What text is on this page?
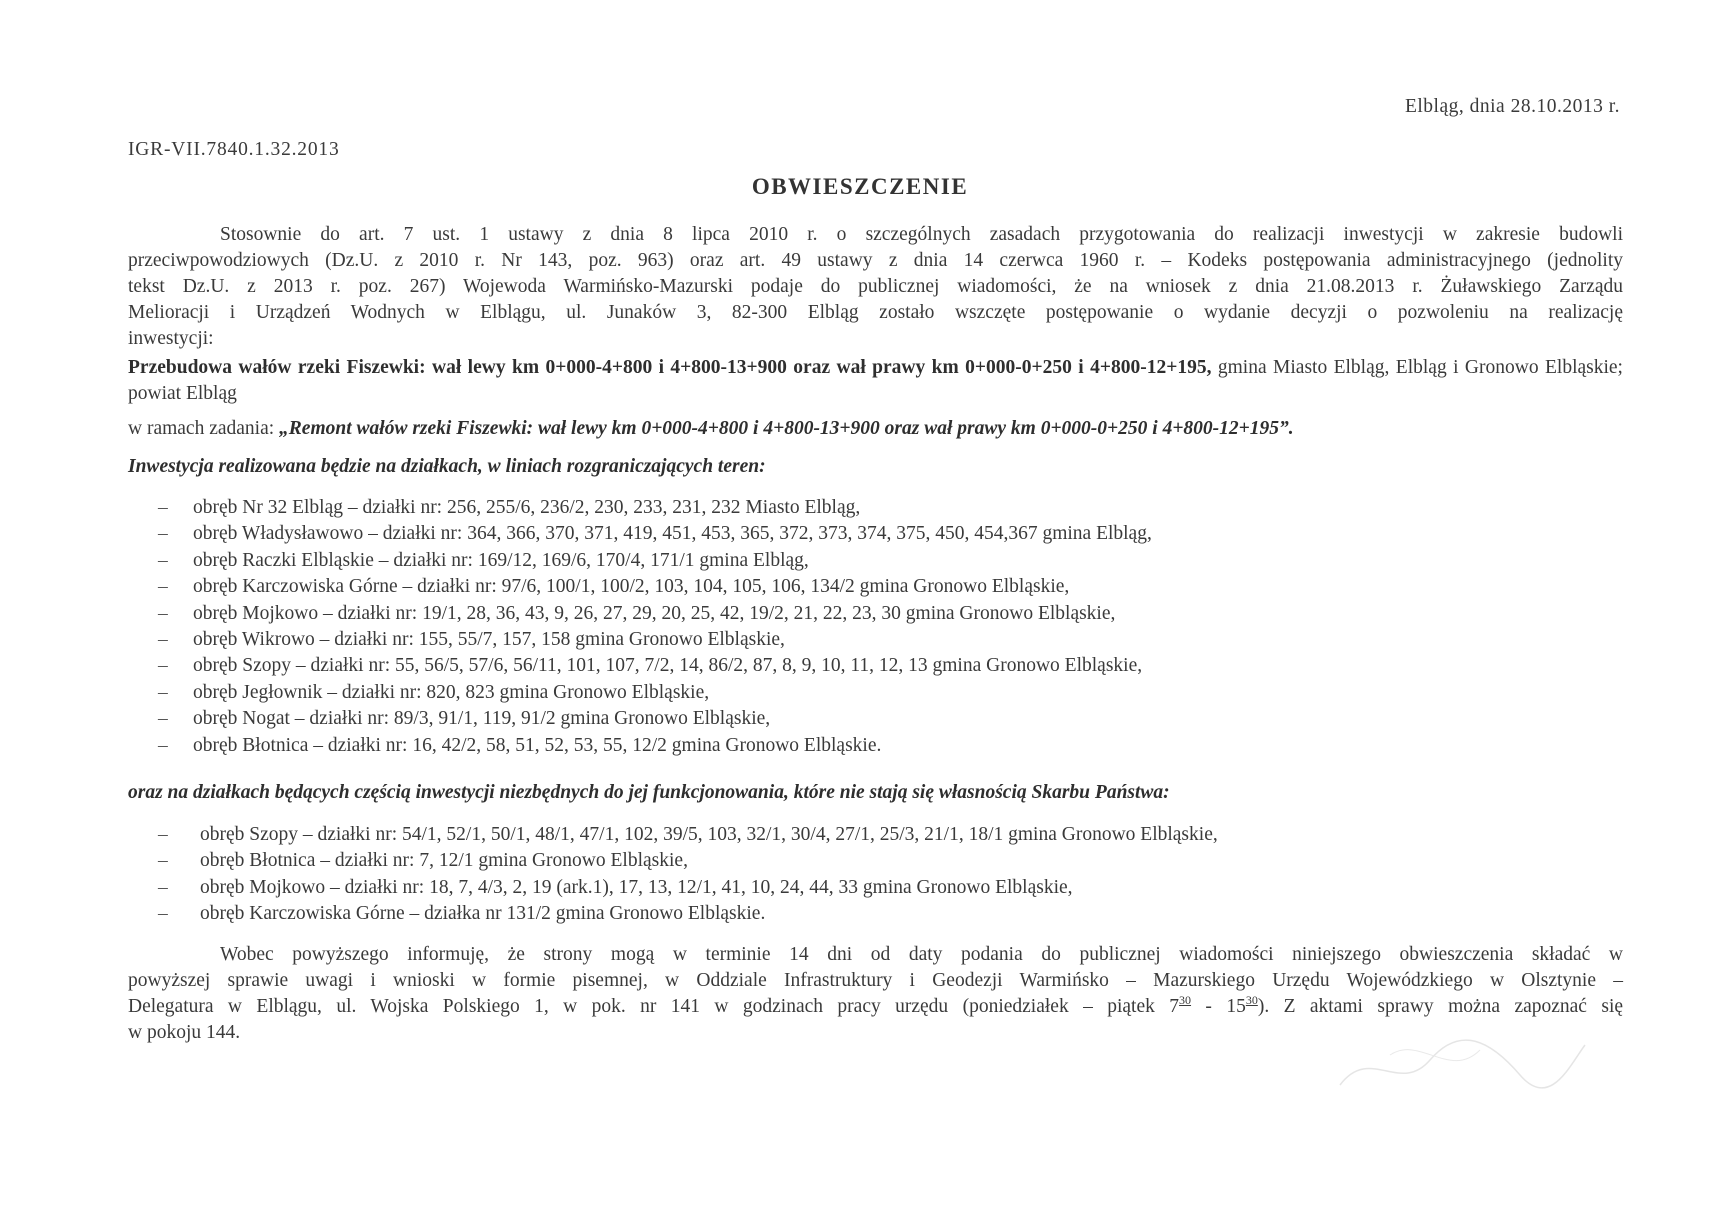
Elbląg, dnia 28.10.2013 r.
IGR-VII.7840.1.32.2013
OBWIESZCZENIE
Stosownie do art. 7 ust. 1 ustawy z dnia 8 lipca 2010 r. o szczególnych zasadach przygotowania do realizacji inwestycji w zakresie budowli
przeciwpowodziowych (Dz.U. z 2010 r. Nr 143, poz. 963) oraz art. 49 ustawy z dnia 14 czerwca 1960 r. – Kodeks postępowania administracyjnego (jednolity
tekst Dz.U. z 2013 r. poz. 267) Wojewoda Warmińsko-Mazurski podaje do publicznej wiadomości, że na wniosek z dnia 21.08.2013 r. Żuławskiego Zarządu
Melioracji i Urządzeń Wodnych w Elblągu, ul. Junaków 3, 82-300 Elbląg zostało wszczęte postępowanie o wydanie decyzji o pozwoleniu na realizację
inwestycji:
Przebudowa wałów rzeki Fiszewki: wał lewy km 0+000-4+800 i 4+800-13+900 oraz wał prawy km 0+000-0+250 i 4+800-12+195, gmina Miasto Elbląg, Elbląg i Gronowo Elbląskie; powiat Elbląg
w ramach zadania: „Remont wałów rzeki Fiszewki: wał lewy km 0+000-4+800 i 4+800-13+900 oraz wał prawy km 0+000-0+250 i 4+800-12+195”.
Inwestycja realizowana będzie na działkach, w liniach rozgraniczających teren:
– obręb Nr 32 Elbląg – działki nr: 256, 255/6, 236/2, 230, 233, 231, 232 Miasto Elbląg,
– obręb Władysławowo – działki nr: 364, 366, 370, 371, 419, 451, 453, 365, 372, 373, 374, 375, 450, 454,367 gmina Elbląg,
– obręb Raczki Elbląskie – działki nr: 169/12, 169/6, 170/4, 171/1 gmina Elbląg,
– obręb Karczowiska Górne – działki nr: 97/6, 100/1, 100/2, 103, 104, 105, 106, 134/2 gmina Gronowo Elbląskie,
– obręb Mojkowo – działki nr: 19/1, 28, 36, 43, 9, 26, 27, 29, 20, 25, 42, 19/2, 21, 22, 23, 30 gmina Gronowo Elbląskie,
– obręb Wikrowo – działki nr: 155, 55/7, 157, 158 gmina Gronowo Elbląskie,
– obręb Szopy – działki nr: 55, 56/5, 57/6, 56/11, 101, 107, 7/2, 14, 86/2, 87, 8, 9, 10, 11, 12, 13 gmina Gronowo Elbląskie,
– obręb Jegłownik – działki nr: 820, 823 gmina Gronowo Elbląskie,
– obręb Nogat – działki nr: 89/3, 91/1, 119, 91/2 gmina Gronowo Elbląskie,
– obręb Błotnica – działki nr: 16, 42/2, 58, 51, 52, 53, 55, 12/2 gmina Gronowo Elbląskie.
oraz na działkach będących częścią inwestycji niezbędnych do jej funkcjonowania, które nie stają się własnością Skarbu Państwa:
– obręb Szopy – działki nr: 54/1, 52/1, 50/1, 48/1, 47/1, 102, 39/5, 103, 32/1, 30/4, 27/1, 25/3, 21/1, 18/1 gmina Gronowo Elbląskie,
– obręb Błotnica – działki nr: 7, 12/1 gmina Gronowo Elbląskie,
– obręb Mojkowo – działki nr: 18, 7, 4/3, 2, 19 (ark.1), 17, 13, 12/1, 41, 10, 24, 44, 33 gmina Gronowo Elbląskie,
– obręb Karczowiska Górne – działka nr 131/2 gmina Gronowo Elbląskie.
Wobec powyższego informuję, że strony mogą w terminie 14 dni od daty podania do publicznej wiadomości niniejszego obwieszczenia składać w
powyższej sprawie uwagi i wnioski w formie pisemnej, w Oddziale Infrastruktury i Geodezji Warmińsko – Mazurskiego Urzędu Wojewódzkiego w Olsztynie –
Delegatura w Elblągu, ul. Wojska Polskiego 1, w pok. nr 141 w godzinach pracy urzędu (poniedziałek – piątek $7^{30} - 15^{30}$). Z aktami sprawy można zapoznać się
w pokoju 144.
